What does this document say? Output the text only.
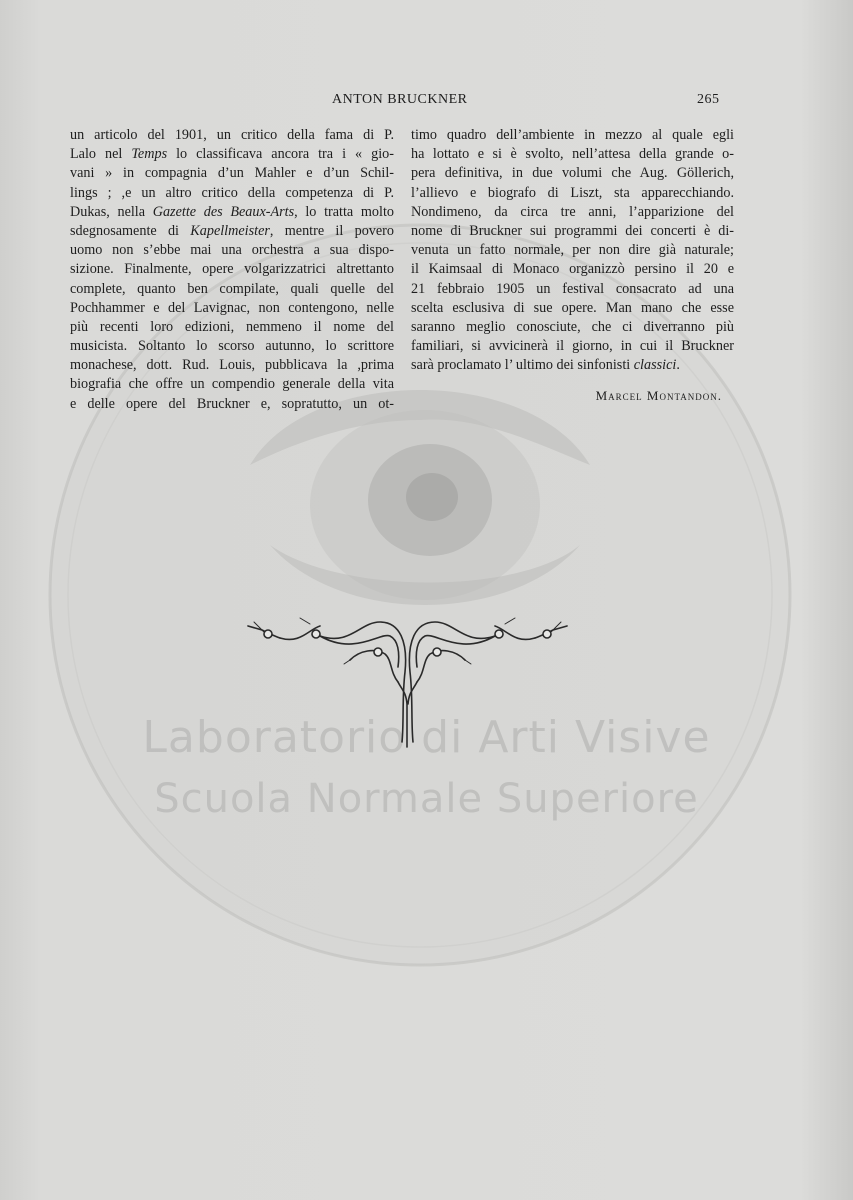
Laboratorio di Arti Visive
Scuola Normale Superiore
ANTON BRUCKNER	265
un articolo del 1901, un critico della fama di P.
Lalo nel Temps lo classificava ancora tra i « gio-
vani » in compagnia d’un Mahler e d’un Schil-
lings ; ,e un altro critico della competenza di P.
Dukas, nella Gazette des Beaux-Arts, lo tratta molto
sdegnosamente di Kapellmeister, mentre il povero
uomo non s’ebbe mai una orchestra a sua dispo-
sizione. Finalmente, opere volgarizzatrici altrettanto
complete, quanto ben compilate, quali quelle del
Pochhammer e del Lavignac, non contengono, nelle
più recenti loro edizioni, nemmeno il nome del
musicista. Soltanto lo scorso autunno, lo scrittore
monachese, dott. Rud. Louis, pubblicava la ,prima
biografia che offre un compendio generale della vita
e delle opere del Bruckner e, sopratutto, un ot-
timo quadro dell’ambiente in mezzo al quale egli
ha lottato e si è svolto, nell’attesa della grande o-
pera definitiva, in due volumi che Aug. Göllerich,
l’allievo e biografo di Liszt, sta apparecchiando.
Nondimeno, da circa tre anni, l’apparizione del
nome di Bruckner sui programmi dei concerti è di-
venuta un fatto normale, per non dire già naturale;
il Kaimsaal di Monaco organizzò persino il 20 e
21 febbraio 1905 un festival consacrato ad una
scelta esclusiva di sue opere. Man mano che esse
saranno meglio conosciute, che ci diverranno più
familiari, si avvicinerà il giorno, in cui il Bruckner
sarà proclamato l’ ultimo dei sinfonisti classici.
Marcel Montandon.
